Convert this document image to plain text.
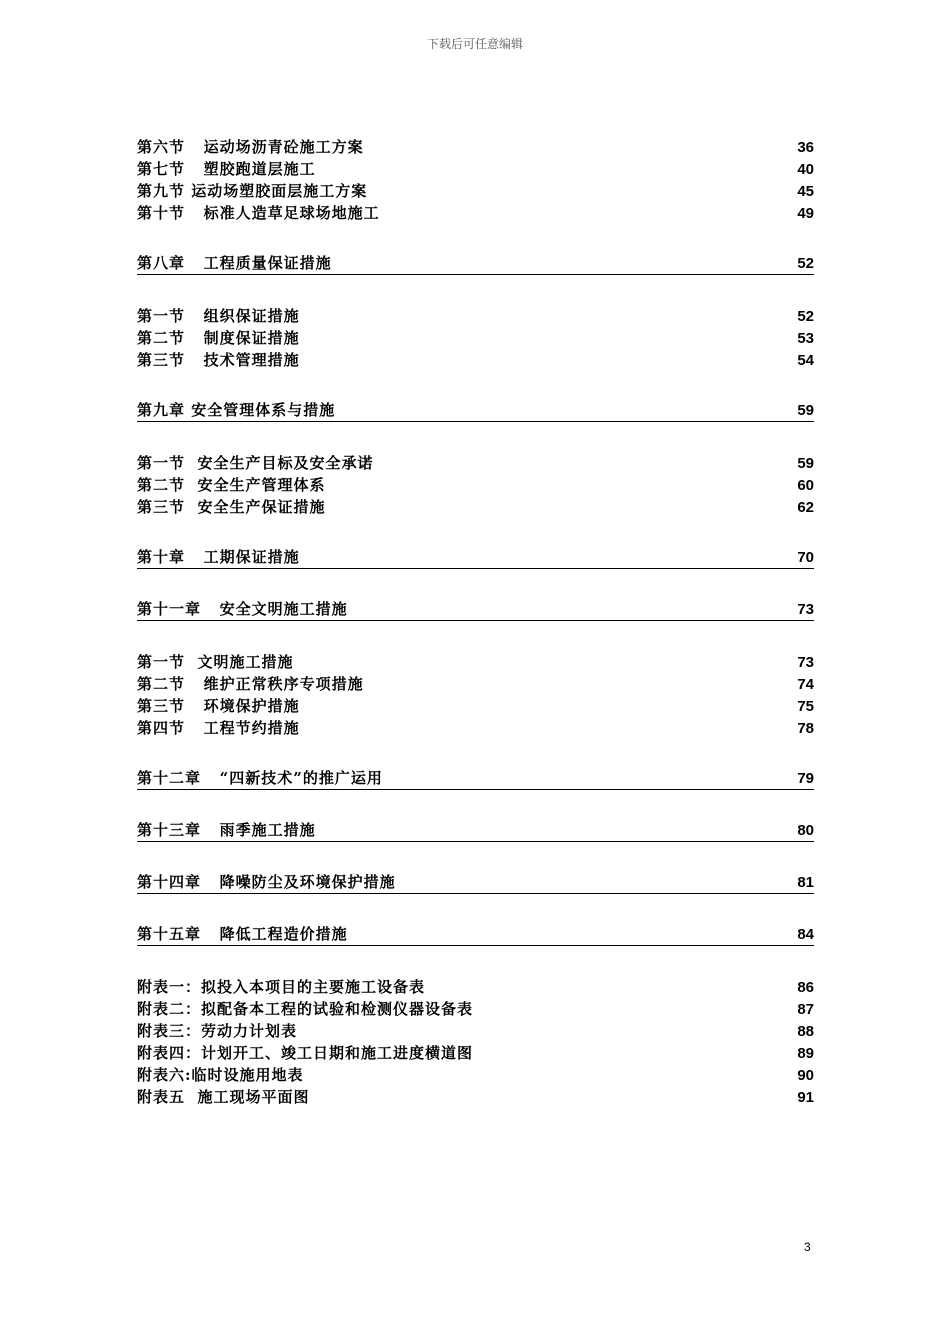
下载后可任意编辑
第六节   运动场沥青砼施工方案	36
第七节   塑胶跑道层施工	40
第九节 运动场塑胶面层施工方案	45
第十节   标准人造草足球场地施工	49
第八章   工程质量保证措施	52
第一节   组织保证措施	52
第二节   制度保证措施	53
第三节   技术管理措施	54
第九章 安全管理体系与措施	59
第一节  安全生产目标及安全承诺	59
第二节  安全生产管理体系	60
第三节  安全生产保证措施	62
第十章   工期保证措施	70
第十一章   安全文明施工措施	73
第一节  文明施工措施	73
第二节   维护正常秩序专项措施	74
第三节   环境保护措施	75
第四节   工程节约措施	78
第十二章   “四新技术”的推广运用	79
第十三章   雨季施工措施	80
第十四章   降噪防尘及环境保护措施	81
第十五章   降低工程造价措施	84
附表一：拟投入本项目的主要施工设备表	86
附表二：拟配备本工程的试验和检测仪器设备表	87
附表三：劳动力计划表	88
附表四：计划开工、竣工日期和施工进度横道图	89
附表六:临时设施用地表	90
附表五  施工现场平面图	91
3
